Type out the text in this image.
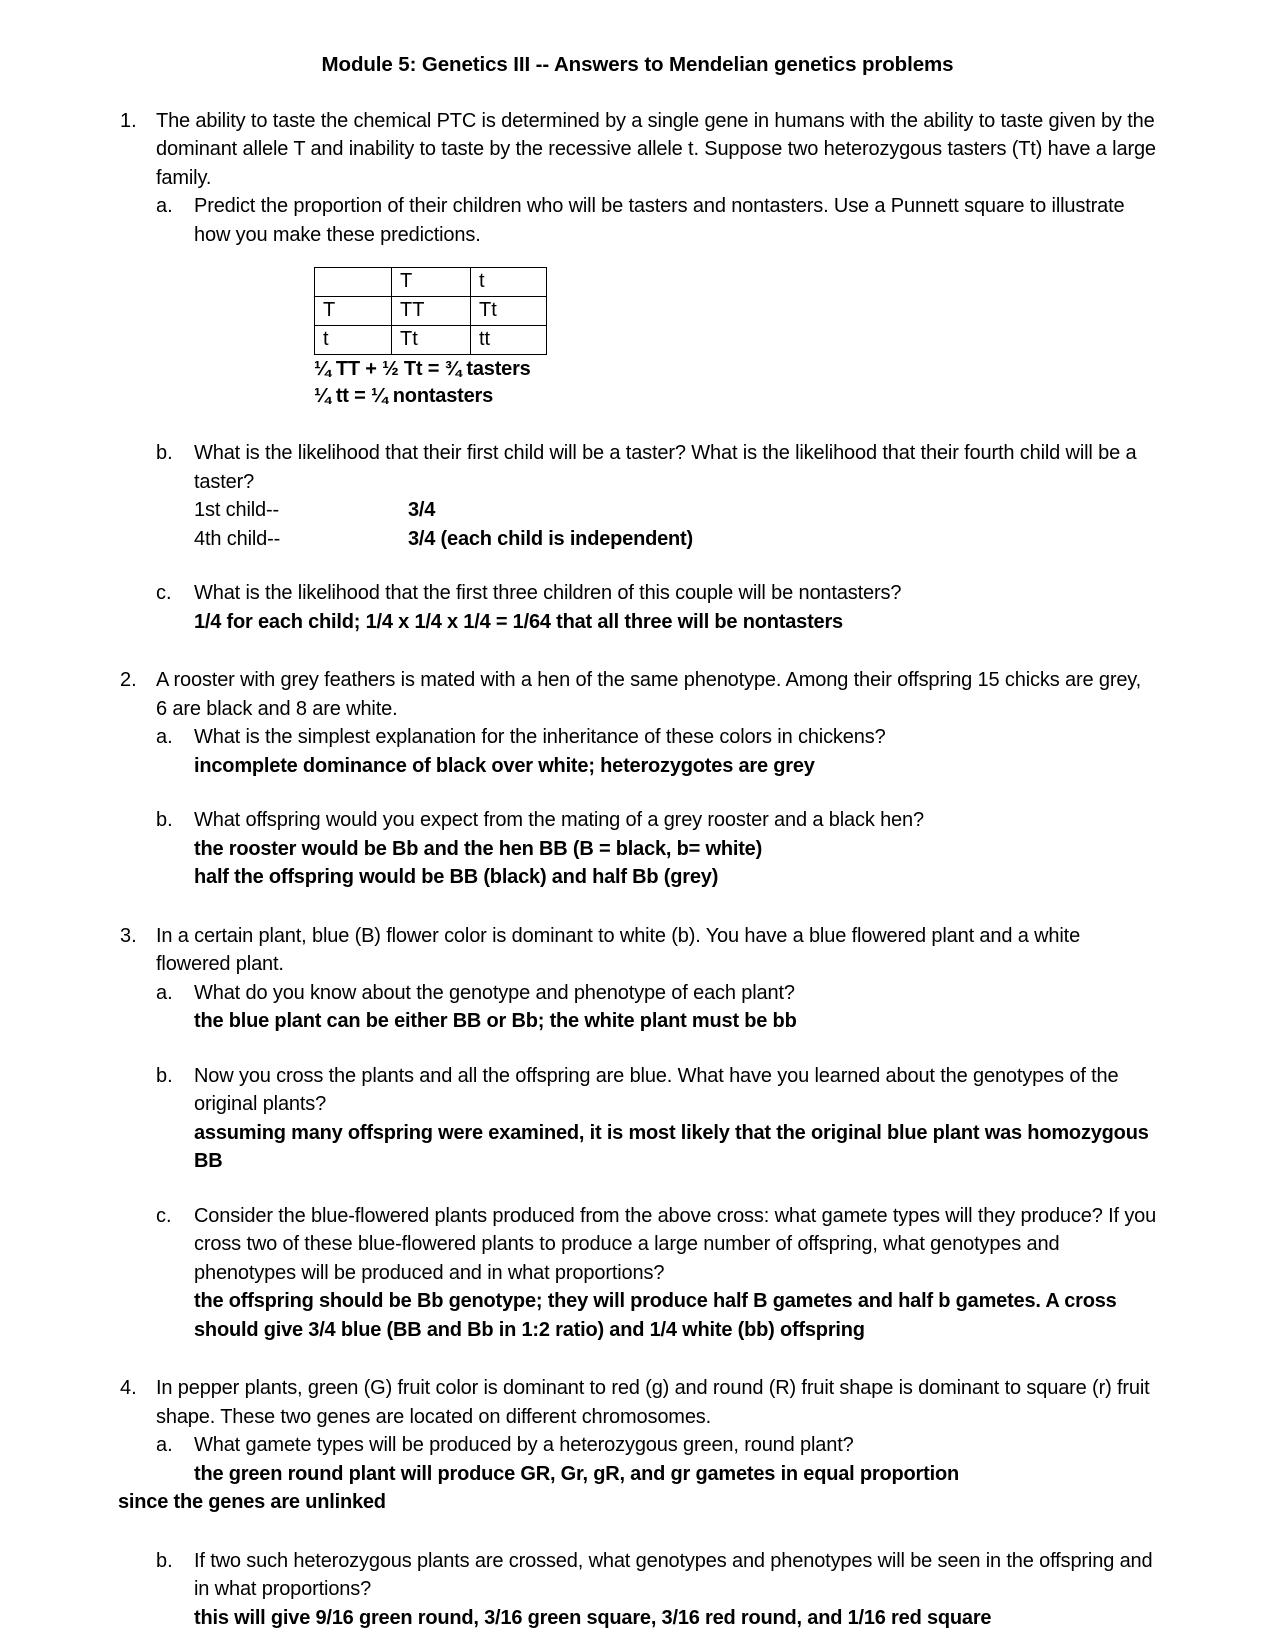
Module 5: Genetics III -- Answers to Mendelian genetics problems
1. The ability to taste the chemical PTC is determined by a single gene in humans with the ability to taste given by the dominant allele T and inability to taste by the recessive allele t. Suppose two heterozygous tasters (Tt) have a large family.
a.	Predict the proportion of their children who will be tasters and nontasters. Use a Punnett square to illustrate how you make these predictions.
	T	t
T	TT	Tt
t	Tt	tt
¼ TT + ½ Tt = ¾ tasters
¼ tt = ¼ nontasters
b.	What is the likelihood that their first child will be a taster? What is the likelihood that their fourth child will be a taster?
1st child--	3/4
4th child--	3/4 (each child is independent)
c.	What is the likelihood that the first three children of this couple will be nontasters?
1/4 for each child; 1/4 x 1/4 x 1/4 = 1/64 that all three will be nontasters
2. A rooster with grey feathers is mated with a hen of the same phenotype. Among their offspring 15 chicks are grey, 6 are black and 8 are white.
a.	What is the simplest explanation for the inheritance of these colors in chickens?
incomplete dominance of black over white; heterozygotes are grey
b.	What offspring would you expect from the mating of a grey rooster and a black hen?
the rooster would be Bb and the hen BB (B = black, b= white)
half the offspring would be BB (black) and half Bb (grey)
3. In a certain plant, blue (B) flower color is dominant to white (b). You have a blue flowered plant and a white flowered plant.
a.	What do you know about the genotype and phenotype of each plant?
the blue plant can be either BB or Bb; the white plant must be bb
b.	Now you cross the plants and all the offspring are blue. What have you learned about the genotypes of the original plants?
assuming many offspring were examined, it is most likely that the original blue plant was homozygous BB
c.	Consider the blue-flowered plants produced from the above cross: what gamete types will they produce? If you cross two of these blue-flowered plants to produce a large number of offspring, what genotypes and phenotypes will be produced and in what proportions?
the offspring should be Bb genotype; they will produce half B gametes and half b gametes. A cross should give 3/4 blue (BB and Bb in 1:2 ratio) and 1/4 white (bb) offspring
4. In pepper plants, green (G) fruit color is dominant to red (g) and round (R) fruit shape is dominant to square (r) fruit shape. These two genes are located on different chromosomes.
a.	What gamete types will be produced by a heterozygous green, round plant?
the green round plant will produce GR, Gr, gR, and gr gametes in equal proportion
since the genes are unlinked
b.	If two such heterozygous plants are crossed, what genotypes and phenotypes will be seen in the offspring and in what proportions?
this will give 9/16 green round, 3/16 green square, 3/16 red round, and 1/16 red square
